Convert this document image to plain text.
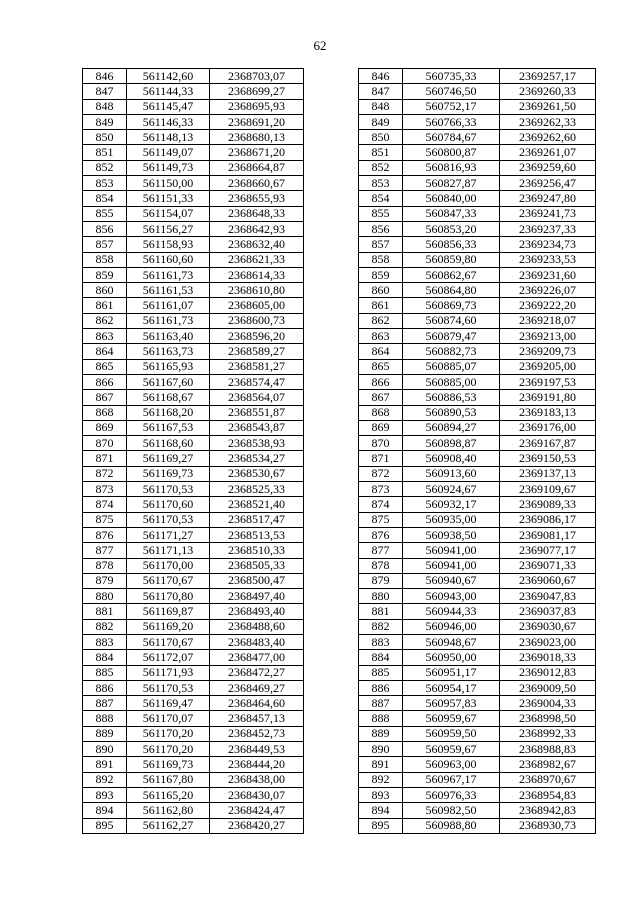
62
846	561142,60	2368703,07		846	560735,33	2369257,17
847	561144,33	2368699,27		847	560746,50	2369260,33
848	561145,47	2368695,93		848	560752,17	2369261,50
849	561146,33	2368691,20		849	560766,33	2369262,33
850	561148,13	2368680,13		850	560784,67	2369262,60
851	561149,07	2368671,20		851	560800,87	2369261,07
852	561149,73	2368664,87		852	560816,93	2369259,60
853	561150,00	2368660,67		853	560827,87	2369256,47
854	561151,33	2368655,93		854	560840,00	2369247,80
855	561154,07	2368648,33		855	560847,33	2369241,73
856	561156,27	2368642,93		856	560853,20	2369237,33
857	561158,93	2368632,40		857	560856,33	2369234,73
858	561160,60	2368621,33		858	560859,80	2369233,53
859	561161,73	2368614,33		859	560862,67	2369231,60
860	561161,53	2368610,80		860	560864,80	2369226,07
861	561161,07	2368605,00		861	560869,73	2369222,20
862	561161,73	2368600,73		862	560874,60	2369218,07
863	561163,40	2368596,20		863	560879,47	2369213,00
864	561163,73	2368589,27		864	560882,73	2369209,73
865	561165,93	2368581,27		865	560885,07	2369205,00
866	561167,60	2368574,47		866	560885,00	2369197,53
867	561168,67	2368564,07		867	560886,53	2369191,80
868	561168,20	2368551,87		868	560890,53	2369183,13
869	561167,53	2368543,87		869	560894,27	2369176,00
870	561168,60	2368538,93		870	560898,87	2369167,87
871	561169,27	2368534,27		871	560908,40	2369150,53
872	561169,73	2368530,67		872	560913,60	2369137,13
873	561170,53	2368525,33		873	560924,67	2369109,67
874	561170,60	2368521,40		874	560932,17	2369089,33
875	561170,53	2368517,47		875	560935,00	2369086,17
876	561171,27	2368513,53		876	560938,50	2369081,17
877	561171,13	2368510,33		877	560941,00	2369077,17
878	561170,00	2368505,33		878	560941,00	2369071,33
879	561170,67	2368500,47		879	560940,67	2369060,67
880	561170,80	2368497,40		880	560943,00	2369047,83
881	561169,87	2368493,40		881	560944,33	2369037,83
882	561169,20	2368488,60		882	560946,00	2369030,67
883	561170,67	2368483,40		883	560948,67	2369023,00
884	561172,07	2368477,00		884	560950,00	2369018,33
885	561171,93	2368472,27		885	560951,17	2369012,83
886	561170,53	2368469,27		886	560954,17	2369009,50
887	561169,47	2368464,60		887	560957,83	2369004,33
888	561170,07	2368457,13		888	560959,67	2368998,50
889	561170,20	2368452,73		889	560959,50	2368992,33
890	561170,20	2368449,53		890	560959,67	2368988,83
891	561169,73	2368444,20		891	560963,00	2368982,67
892	561167,80	2368438,00		892	560967,17	2368970,67
893	561165,20	2368430,07		893	560976,33	2368954,83
894	561162,80	2368424,47		894	560982,50	2368942,83
895	561162,27	2368420,27		895	560988,80	2368930,73
